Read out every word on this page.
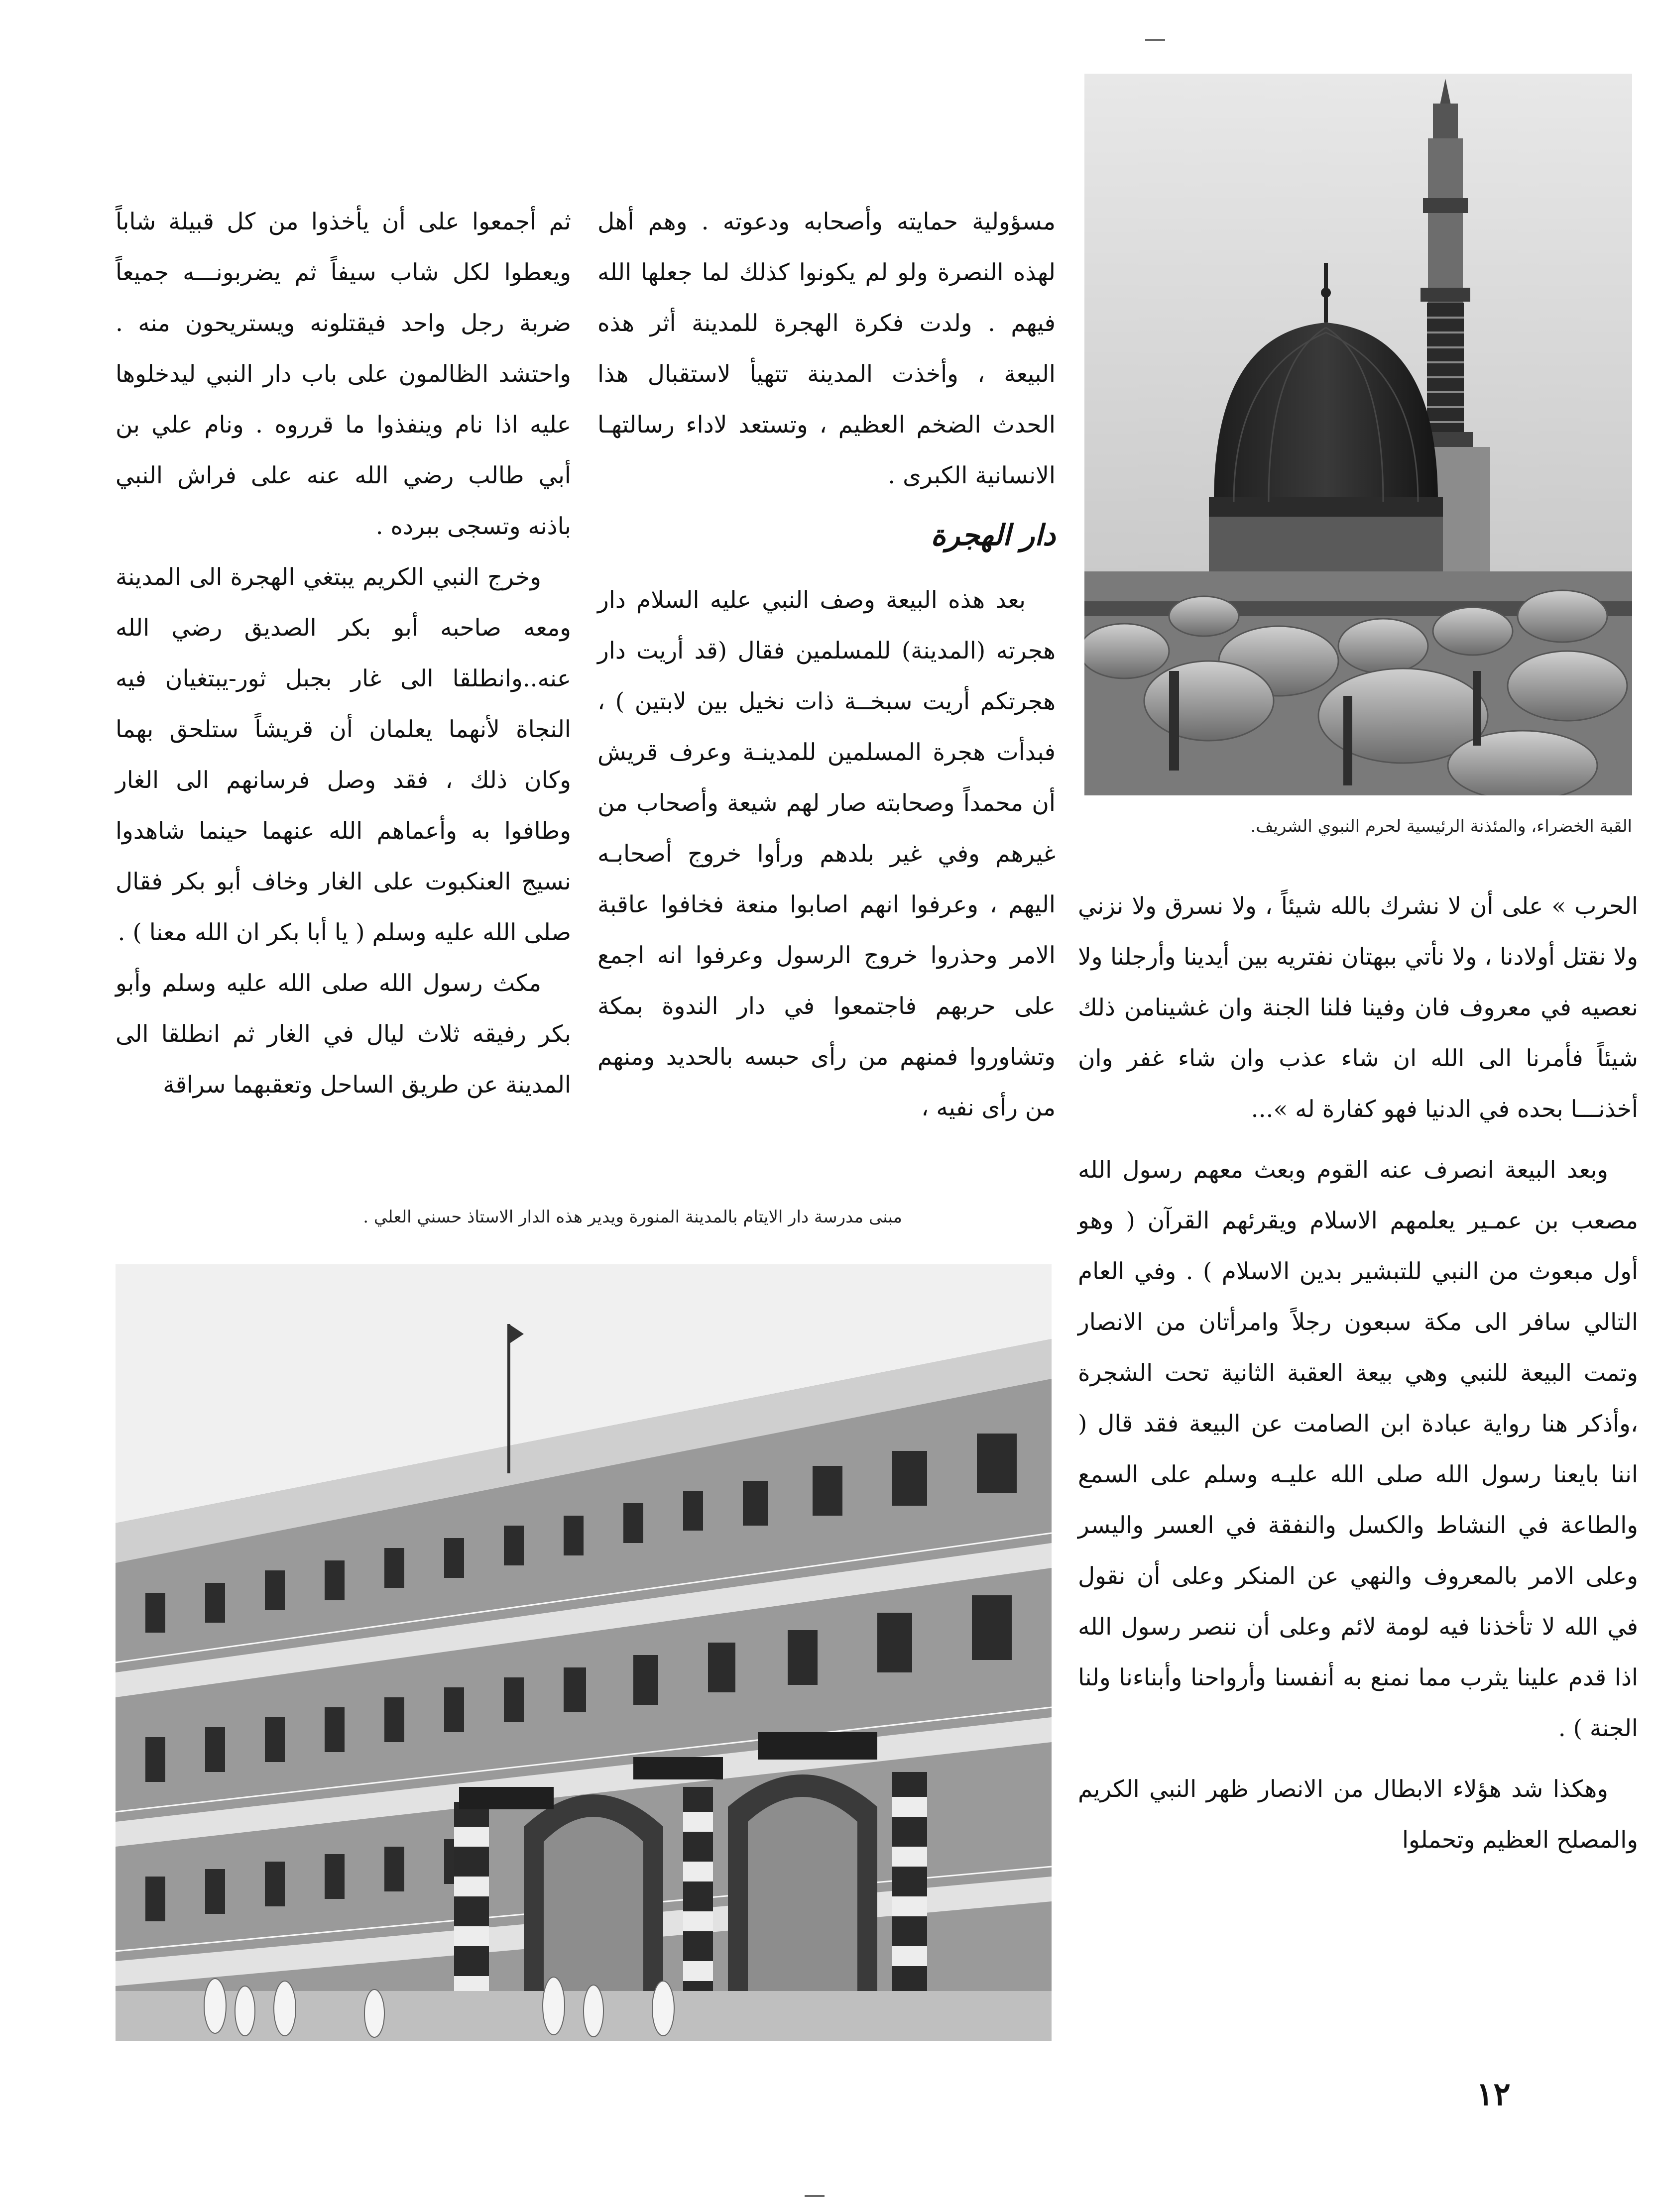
القبة الخضراء، والمئذنة الرئيسية لحرم النبوي الشريف.

الحرب » على أن لا نشرك بالله شيئاً ، ولا نسرق ولا نزني ولا نقتل أولادنا ، ولا نأتي ببهتان نفتريه بين أيدينا وأرجلنا ولا نعصيه في معروف فان وفينا فلنا الجنة وان غشينامن ذلك شيئاً فأمرنا الى الله ان شاء عذب وان شاء غفر وان أخذنـــا بحده في الدنيا فهو كفارة له »...

وبعد البيعة انصرف عنه القوم وبعث معهم رسول الله مصعب بن عمـير يعلمهم الاسلام ويقرئهم القرآن ( وهو أول مبعوث من النبي للتبشير بدين الاسلام ) . وفي العام التالي سافر الى مكة سبعون رجلاً وامرأتان من الانصار وتمت البيعة للنبي وهي بيعة العقبة الثانية تحت الشجرة ،وأذكر هنا رواية عبادة ابن الصامت عن البيعة فقد قال ( اننا بايعنا رسول الله صلى الله عليـه وسلم على السمع والطاعة في النشاط والكسل والنفقة في العسر واليسر وعلى الامر بالمعروف والنهي عن المنكر وعلى أن نقول في الله لا تأخذنا فيه لومة لائم وعلى أن ننصر رسول الله اذا قدم علينا يثرب مما نمنع به أنفسنا وأرواحنا وأبناءنا ولنا الجنة ) .

وهكذا شد هؤلاء الابطال من الانصار ظهر النبي الكريم والمصلح العظيم وتحملوا

مسؤولية حمايته وأصحابه ودعوته . وهم أهل لهذه النصرة ولو لم يكونوا كذلك لما جعلها الله فيهم . ولدت فكرة الهجرة للمدينة أثر هذه البيعة ، وأخذت المدينة تتهيأ لاستقبال هذا الحدث الضخم العظيم ، وتستعد لاداء رسالتهـا الانسانية الكبرى .

دار الهجرة

بعد هذه البيعة وصف النبي عليه السلام دار هجرته (المدينة) للمسلمين فقال (قد أريت دار هجرتكم أريت سبخــة ذات نخيل بين لابتين ) ، فبدأت هجرة المسلمين للمدينـة وعرف قريش أن محمداً وصحابته صار لهم شيعة وأصحاب من غيرهم وفي غير بلدهم ورأوا خروج أصحابـه اليهم ، وعرفوا انهم اصابوا منعة فخافوا عاقبة الامر وحذروا خروج الرسول وعرفوا انه اجمع على حربهم فاجتمعوا في دار الندوة بمكة وتشاوروا فمنهم من رأى حبسه بالحديد ومنهم من رأى نفيه ،

ثم أجمعوا على أن يأخذوا من كل قبيلة شاباً ويعطوا لكل شاب سيفاً ثم يضربونـــه جميعاً ضربة رجل واحد فيقتلونه ويستريحون منه . واحتشد الظالمون على باب دار النبي ليدخلوها عليه اذا نام وينفذوا ما قرروه . ونام علي بن أبي طالب رضي الله عنه على فراش النبي باذنه وتسجى ببرده .

وخرج النبي الكريم يبتغي الهجرة الى المدينة ومعه صاحبه أبو بكر الصديق رضي الله عنه..وانطلقا الى غار بجبل ثور-يبتغيان فيه النجاة لأنهما يعلمان أن قريشاً ستلحق بهما وكان ذلك ، فقد وصل فرسانهم الى الغار وطافوا به وأعماهم الله عنهما حينما شاهدوا نسيج العنكبوت على الغار وخاف أبو بكر فقال صلى الله عليه وسلم ( يا أبا بكر ان الله معنا ) .

مكث رسول الله صلى الله عليه وسلم وأبو بكر رفيقه ثلاث ليال في الغار ثم انطلقا الى المدينة عن طريق الساحل وتعقبهما سراقة

مبنى مدرسة دار الايتام بالمدينة المنورة ويدير هذه الدار الاستاذ حسني العلي .
١٢
